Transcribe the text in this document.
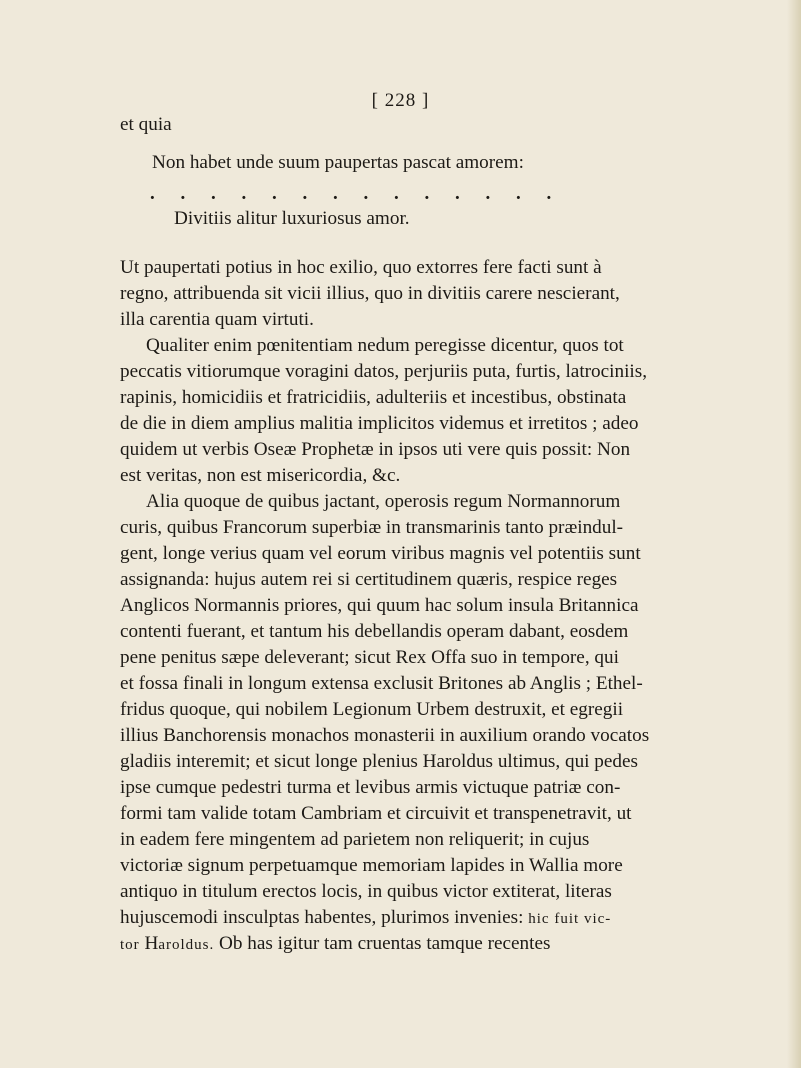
[ 228 ]
et quia
Non habet unde suum paupertas pascat amorem:
. . . . . . . . . . . . . .
Divitiis alitur luxuriosus amor.
Ut paupertati potius in hoc exilio, quo extorres fere facti sunt à
regno, attribuenda sit vicii illius, quo in divitiis carere nescierant,
illa carentia quam virtuti.
Qualiter enim pœnitentiam nedum peregisse dicentur, quos tot
peccatis vitiorumque voragini datos, perjuriis puta, furtis, latrociniis,
rapinis, homicidiis et fratricidiis, adulteriis et incestibus, obstinata
de die in diem amplius malitia implicitos videmus et irretitos ; adeo
quidem ut verbis Oseæ Prophetæ in ipsos uti vere quis possit: Non
est veritas, non est misericordia, &c.
Alia quoque de quibus jactant, operosis regum Normannorum
curis, quibus Francorum superbiæ in transmarinis tanto præindul-
gent, longe verius quam vel eorum viribus magnis vel potentiis sunt
assignanda: hujus autem rei si certitudinem quæris, respice reges
Anglicos Normannis priores, qui quum hac solum insula Britannica
contenti fuerant, et tantum his debellandis operam dabant, eosdem
pene penitus sæpe deleverant; sicut Rex Offa suo in tempore, qui
et fossa finali in longum extensa exclusit Britones ab Anglis ; Ethel-
fridus quoque, qui nobilem Legionum Urbem destruxit, et egregii
illius Banchorensis monachos monasterii in auxilium orando vocatos
gladiis interemit; et sicut longe plenius Haroldus ultimus, qui pedes
ipse cumque pedestri turma et levibus armis victuque patriæ con-
formi tam valide totam Cambriam et circuivit et transpenetravit, ut
in eadem fere mingentem ad parietem non reliquerit; in cujus
victoriæ signum perpetuamque memoriam lapides in Wallia more
antiquo in titulum erectos locis, in quibus victor extiterat, literas
hujuscemodi insculptas habentes, plurimos invenies: hic fuit vic-
tor Haroldus. Ob has igitur tam cruentas tamque recentes
